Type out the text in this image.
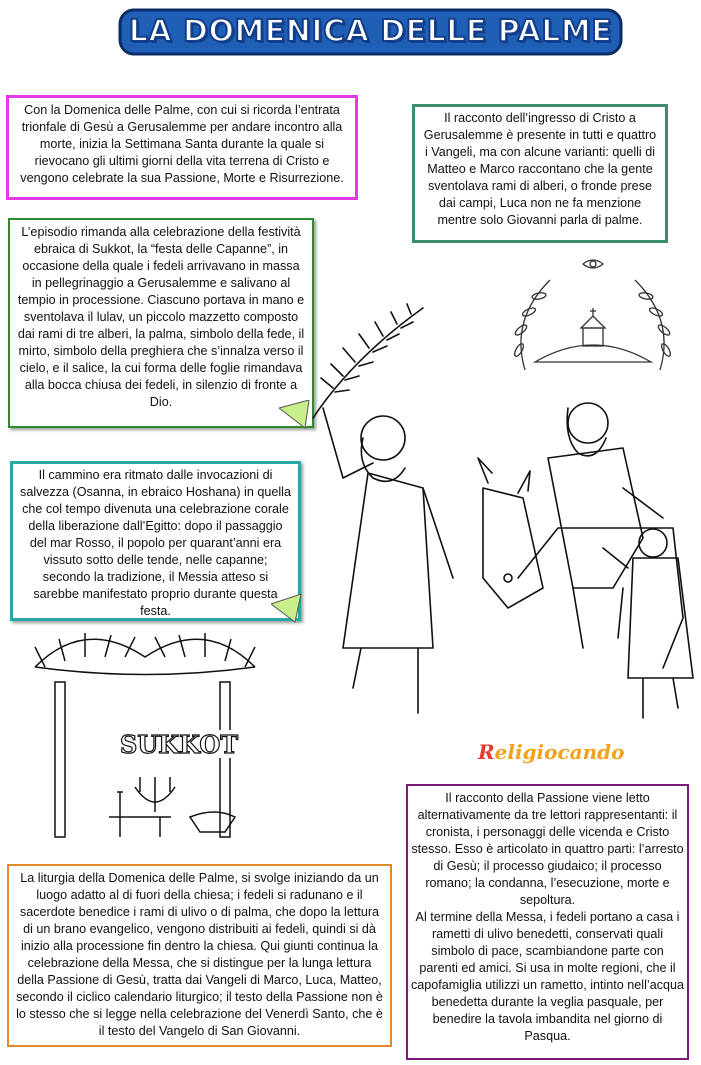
LA DOMENICA DELLE PALME

Con la Domenica delle Palme, con cui si ricorda l’entrata trionfale di Gesù a Gerusalemme per andare incontro alla morte, inizia la Settimana Santa durante la quale si rievocano gli ultimi giorni della vita terrena di Cristo e vengono celebrate la sua Passione, Morte e Risurrezione.

Il racconto dell’ingresso di Cristo a Gerusalemme è presente in tutti e quattro i Vangeli, ma con alcune varianti: quelli di Matteo e Marco raccontano che la gente sventolava rami di alberi, o fronde prese dai campi, Luca non ne fa menzione mentre solo Giovanni parla di palme.

L’episodio rimanda alla celebrazione della festività ebraica di Sukkot, la “festa delle Capanne”, in occasione della quale i fedeli arrivavano in massa in pellegrinaggio a Gerusalemme e salivano al tempio in processione. Ciascuno portava in mano e sventolava il lulav, un piccolo mazzetto composto dai rami di tre alberi, la palma, simbolo della fede, il mirto, simbolo della preghiera che s’innalza verso il cielo, e il salice, la cui forma delle foglie rimandava alla bocca chiusa dei fedeli, in silenzio di fronte a Dio.

Il cammino era ritmato dalle invocazioni di salvezza (Osanna, in ebraico Hoshana) in quella che col tempo divenuta una celebrazione corale della liberazione dall’Egitto: dopo il passaggio del mar Rosso, il popolo per quarant’anni era vissuto sotto delle tende, nelle capanne; secondo la tradizione, il Messia atteso si sarebbe manifestato proprio durante questa festa.

Il racconto della Passione viene letto alternativamente da tre lettori rappresentanti: il cronista, i personaggi delle vicenda e Cristo stesso. Esso è articolato in quattro parti: l’arresto di Gesù; il processo giudaico; il processo romano; la condanna, l’esecuzione, morte e sepoltura.

Al termine della Messa, i fedeli portano a casa i rametti di ulivo benedetti, conservati quali simbolo di pace, scambiandone parte con parenti ed amici. Si usa in molte regioni, che il capofamiglia utilizzi un rametto, intinto nell’acqua benedetta durante la veglia pasquale, per benedire la tavola imbandita nel giorno di Pasqua.

La liturgia della Domenica delle Palme, si svolge iniziando da un luogo adatto al di fuori della chiesa; i fedeli si radunano e il sacerdote benedice i rami di ulivo o di palma, che dopo la lettura di un brano evangelico, vengono distribuiti ai fedeli, quindi si dà inizio alla processione fin dentro la chiesa. Qui giunti continua la celebrazione della Messa, che si distingue per la lunga lettura della Passione di Gesù, tratta dai Vangeli di Marco, Luca, Matteo, secondo il ciclico calendario liturgico; il testo della Passione non è lo stesso che si legge nella celebrazione del Venerdì Santo, che è il testo del Vangelo di San Giovanni.

SUKKOT	Religiocando
